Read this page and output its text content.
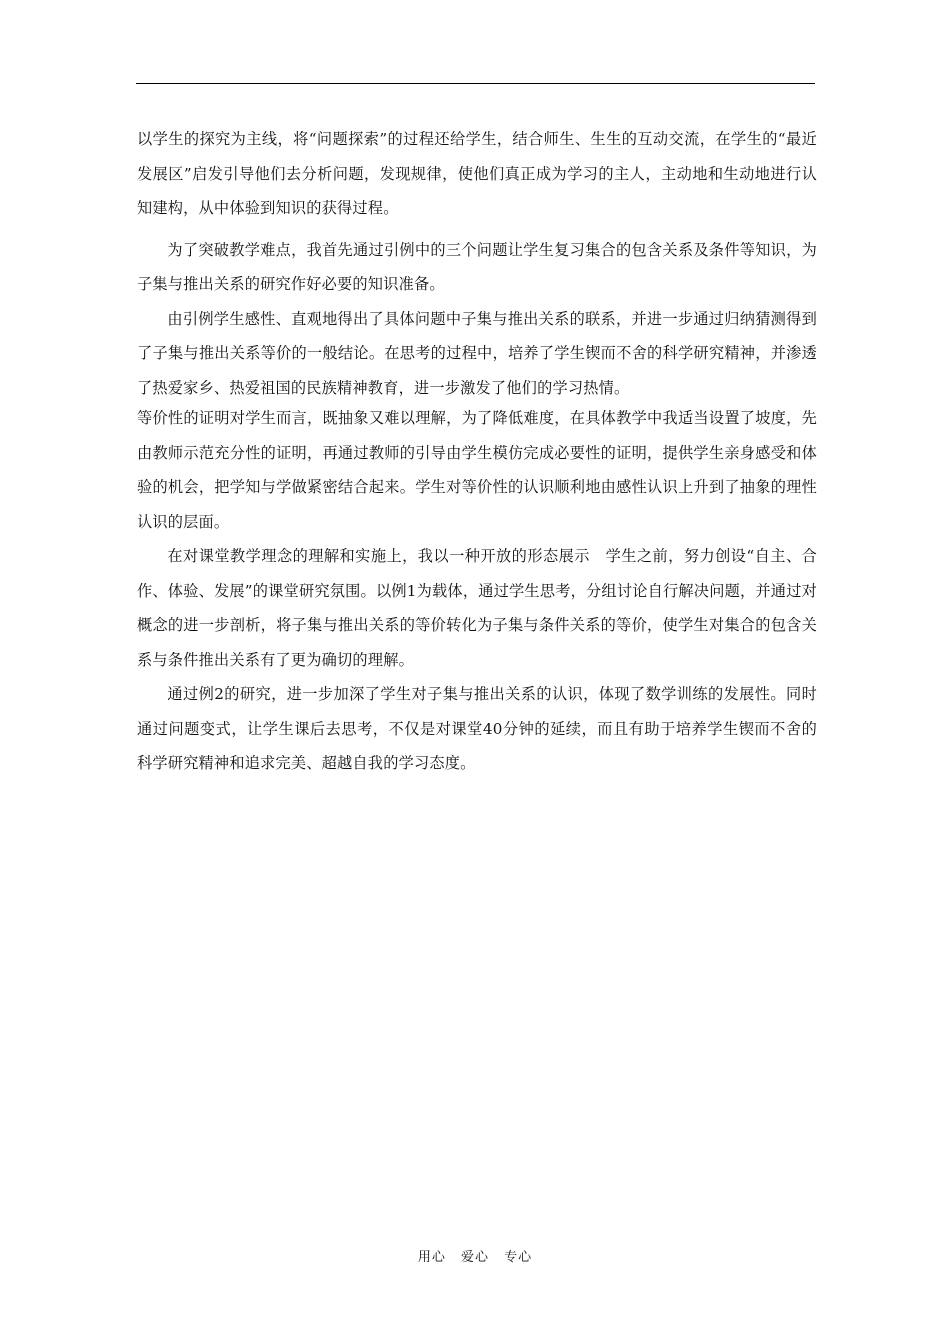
以学生的探究为主线，将“问题探索”的过程还给学生，结合师生、生生的互动交流，在学生的“最近发展区”启发引导他们去分析问题，发现规律，使他们真正成为学习的主人，主动地和生动地进行认知建构，从中体验到知识的获得过程。

为了突破教学难点，我首先通过引例中的三个问题让学生复习集合的包含关系及条件等知识，为子集与推出关系的研究作好必要的知识准备。

由引例学生感性、直观地得出了具体问题中子集与推出关系的联系，并进一步通过归纳猜测得到了子集与推出关系等价的一般结论。在思考的过程中，培养了学生锲而不舍的科学研究精神，并渗透了热爱家乡、热爱祖国的民族精神教育，进一步激发了他们的学习热情。

等价性的证明对学生而言，既抽象又难以理解，为了降低难度，在具体教学中我适当设置了坡度，先由教师示范充分性的证明，再通过教师的引导由学生模仿完成必要性的证明，提供学生亲身感受和体验的机会，把学知与学做紧密结合起来。学生对等价性的认识顺利地由感性认识上升到了抽象的理性认识的层面。

在对课堂教学理念的理解和实施上，我以一种开放的形态展示　学生之前，努力创设“自主、合作、体验、发展”的课堂研究氛围。以例1为载体，通过学生思考，分组讨论自行解决问题，并通过对概念的进一步剖析，将子集与推出关系的等价转化为子集与条件关系的等价，使学生对集合的包含关系与条件推出关系有了更为确切的理解。

通过例2的研究，进一步加深了学生对子集与推出关系的认识，体现了数学训练的发展性。同时通过问题变式，让学生课后去思考，不仅是对课堂40分钟的延续，而且有助于培养学生锲而不舍的科学研究精神和追求完美、超越自我的学习态度。

用心 爱心 专心
